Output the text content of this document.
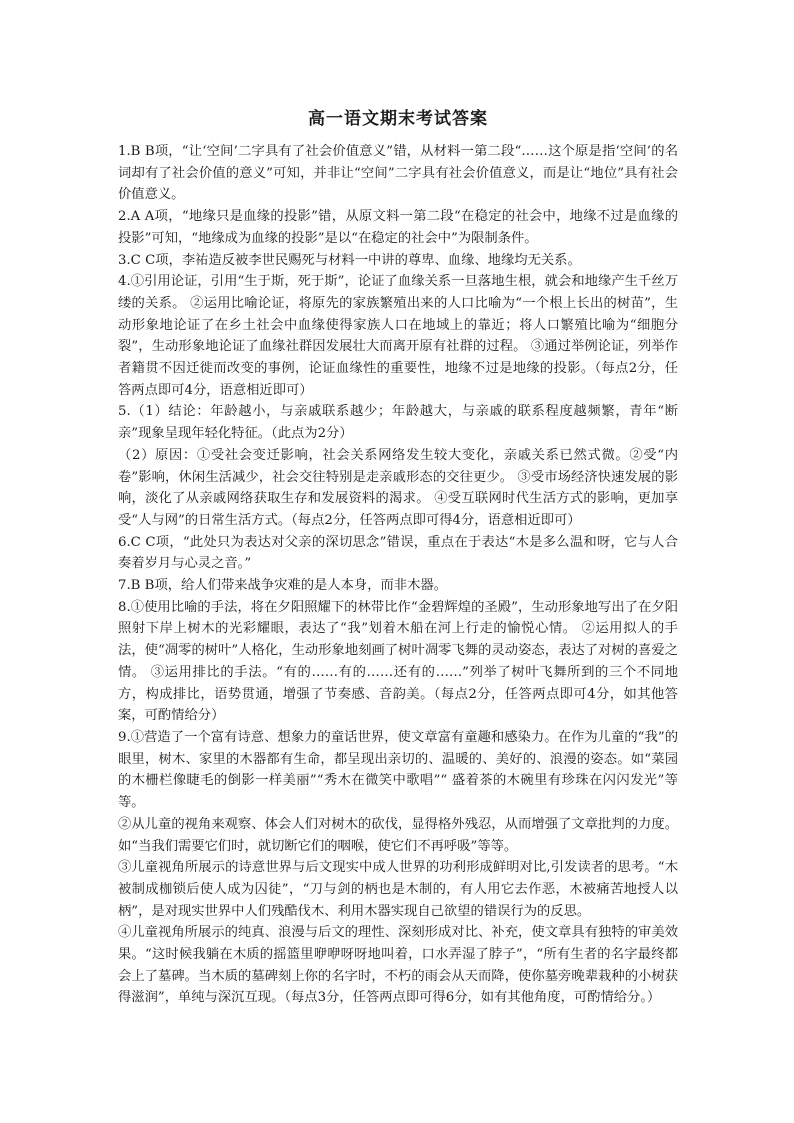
高一语文期末考试答案

1.B B项，“让‘空间’二字具有了社会价值意义”错，从材料一第二段“……这个原是指‘空间’的名词却有了社会价值的意义”可知，并非让“空间”二字具有社会价值意义，而是让“地位”具有社会价值意义。

2.A A项，“地缘只是血缘的投影”错，从原文料一第二段“在稳定的社会中，地缘不过是血缘的投影”可知，“地缘成为血缘的投影”是以“在稳定的社会中”为限制条件。

3.C C项，李祐造反被李世民赐死与材料一中讲的尊卑、血缘、地缘均无关系。

4.①引用论证，引用“生于斯，死于斯”，论证了血缘关系一旦落地生根，就会和地缘产生千丝万缕的关系。 ②运用比喻论证，将原先的家族繁殖出来的人口比喻为“一个根上长出的树苗”，生动形象地论证了在乡土社会中血缘使得家族人口在地域上的靠近；将人口繁殖比喻为“细胞分裂”，生动形象地论证了血缘社群因发展壮大而离开原有社群的过程。 ③通过举例论证，列举作者籍贯不因迁徙而改变的事例，论证血缘性的重要性，地缘不过是地缘的投影。（每点2分，任答两点即可4分，语意相近即可）

5.（1）结论：年龄越小，与亲戚联系越少；年龄越大，与亲戚的联系程度越频繁，青年“断亲”现象呈现年轻化特征。（此点为2分）

（2）原因：①受社会变迁影响，社会关系网络发生较大变化，亲戚关系已然式微。②受“内卷”影响，休闲生活减少，社会交往特别是走亲戚形态的交往更少。 ③受市场经济快速发展的影响，淡化了从亲戚网络获取生存和发展资料的渴求。 ④受互联网时代生活方式的影响，更加享受“人与网”的日常生活方式。（每点2分，任答两点即可得4分，语意相近即可）

6.C C项，“此处只为表达对父亲的深切思念”错误，重点在于表达“木是多么温和呀，它与人合奏着岁月与心灵之音。”

7.B B项，给人们带来战争灾难的是人本身，而非木器。

8.①使用比喻的手法，将在夕阳照耀下的林带比作“金碧辉煌的圣殿”，生动形象地写出了在夕阳照射下岸上树木的光彩耀眼，表达了“我”划着木船在河上行走的愉悦心情。 ②运用拟人的手法，使“凋零的树叶”人格化，生动形象地刻画了树叶凋零飞舞的灵动姿态，表达了对树的喜爱之情。 ③运用排比的手法。“有的……有的……还有的……”列举了树叶飞舞所到的三个不同地方，构成排比，语势贯通，增强了节奏感、音韵美。（每点2分，任答两点即可4分，如其他答案，可酌情给分）

9.①营造了一个富有诗意、想象力的童话世界，使文章富有童趣和感染力。在作为儿童的“我”的眼里，树木、家里的木器都有生命，都呈现出亲切的、温暖的、美好的、浪漫的姿态。如“菜园的木栅栏像睫毛的倒影一样美丽”“秀木在微笑中歌唱”“ 盛着茶的木碗里有珍珠在闪闪发光”等等。

②从儿童的视角来观察、体会人们对树木的砍伐，显得格外残忍，从而增强了文章批判的力度。如“当我们需要它们时，就切断它们的咽喉，使它们不再呼吸”等等。

③儿童视角所展示的诗意世界与后文现实中成人世界的功利形成鲜明对比,引发读者的思考。“木被制成枷锁后使人成为囚徒”，“刀与剑的柄也是木制的，有人用它去作恶，木被痛苦地授人以柄”，是对现实世界中人们残酷伐木、利用木器实现自己欲望的错误行为的反思。

④儿童视角所展示的纯真、浪漫与后文的理性、深刻形成对比、补充，使文章具有独特的审美效果。“这时候我躺在木质的摇篮里咿咿呀呀地叫着，口水弄湿了脖子”，“所有生者的名字最终都会上了墓碑。当木质的墓碑刻上你的名字时，不朽的雨会从天而降，使你墓旁晚辈栽种的小树获得滋润”，单纯与深沉互现。（每点3分，任答两点即可得6分，如有其他角度，可酌情给分。）
